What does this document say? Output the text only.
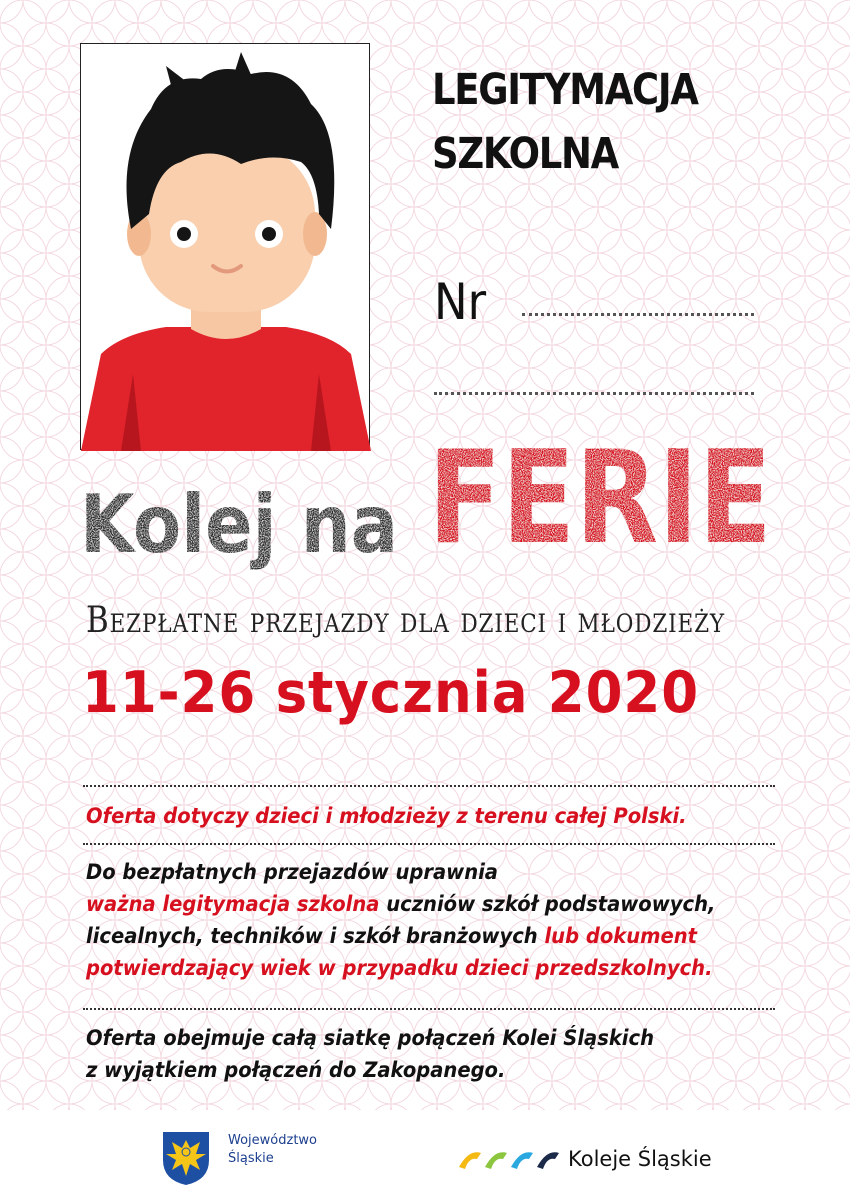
LEGITYMACJA
SZKOLNA
Nr
Kolej na FERIE
Bezpłatne przejazdy dla dzieci i młodzieży
11-26 stycznia 2020
Oferta dotyczy dzieci i młodzieży z terenu całej Polski.
Do bezpłatnych przejazdów uprawnia
ważna legitymacja szkolna uczniów szkół podstawowych,
licealnych, techników i szkół branżowych lub dokument
potwierdzający wiek w przypadku dzieci przedszkolnych.
Oferta obejmuje całą siatkę połączeń Kolei Śląskich
z wyjątkiem połączeń do Zakopanego.
Województwo
Śląskie	Koleje Śląskie
